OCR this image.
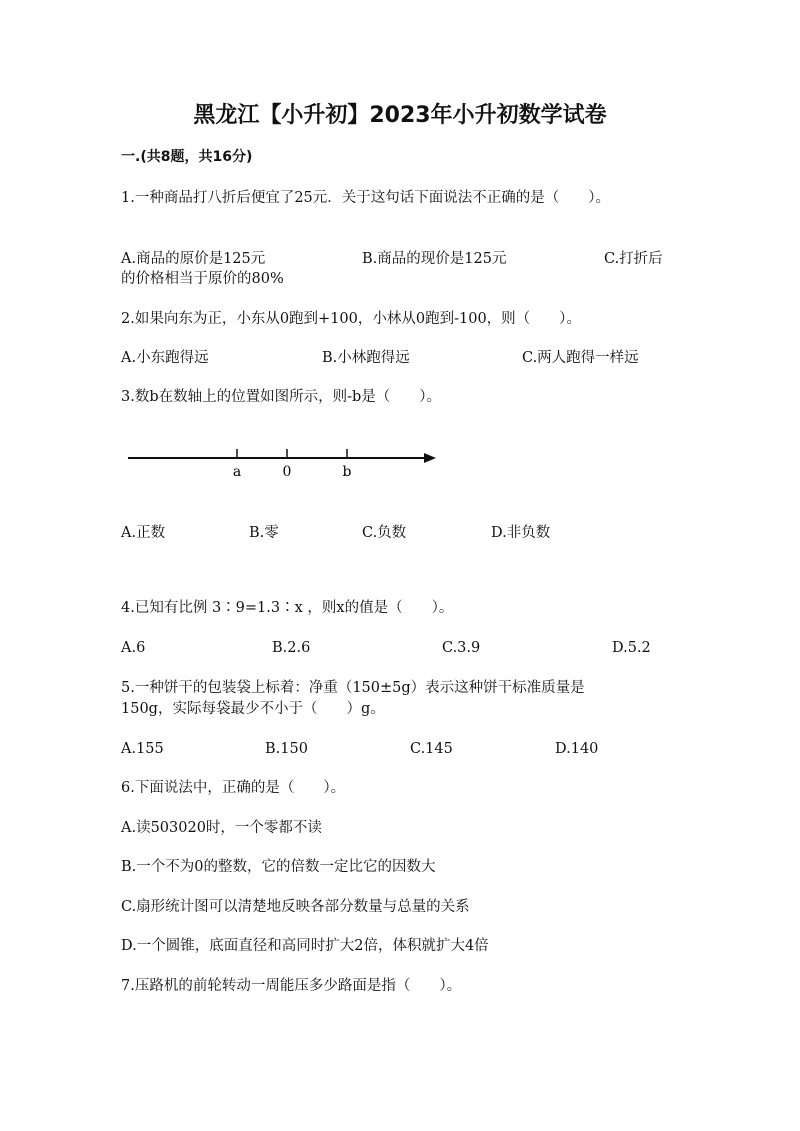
黑龙江【小升初】2023年小升初数学试卷
一.(共8题，共16分)
1.一种商品打八折后便宜了25元．关于这句话下面说法不正确的是（　　）。
A.商品的原价是125元	B.商品的现价是125元	C.打折后
的价格相当于原价的80%
2.如果向东为正，小东从0跑到+100，小林从0跑到-100，则（　　）。
A.小东跑得远	B.小林跑得远	C.两人跑得一样远
3.数b在数轴上的位置如图所示，则-b是（　　）。
a	0	b
A.正数	B.零	C.负数	D.非负数
4.已知有比例 3∶9=1.3∶x ，则x的值是（　　）。
A.6	B.2.6	C.3.9	D.5.2
5.一种饼干的包装袋上标着：净重（150±5g）表示这种饼干标准质量是
150g，实际每袋最少不小于（　　）g。
A.155	B.150	C.145	D.140
6.下面说法中，正确的是（　　）。
A.读503020时，一个零都不读
B.一个不为0的整数，它的倍数一定比它的因数大
C.扇形统计图可以清楚地反映各部分数量与总量的关系
D.一个圆锥，底面直径和高同时扩大2倍，体积就扩大4倍
7.压路机的前轮转动一周能压多少路面是指（　　）。
